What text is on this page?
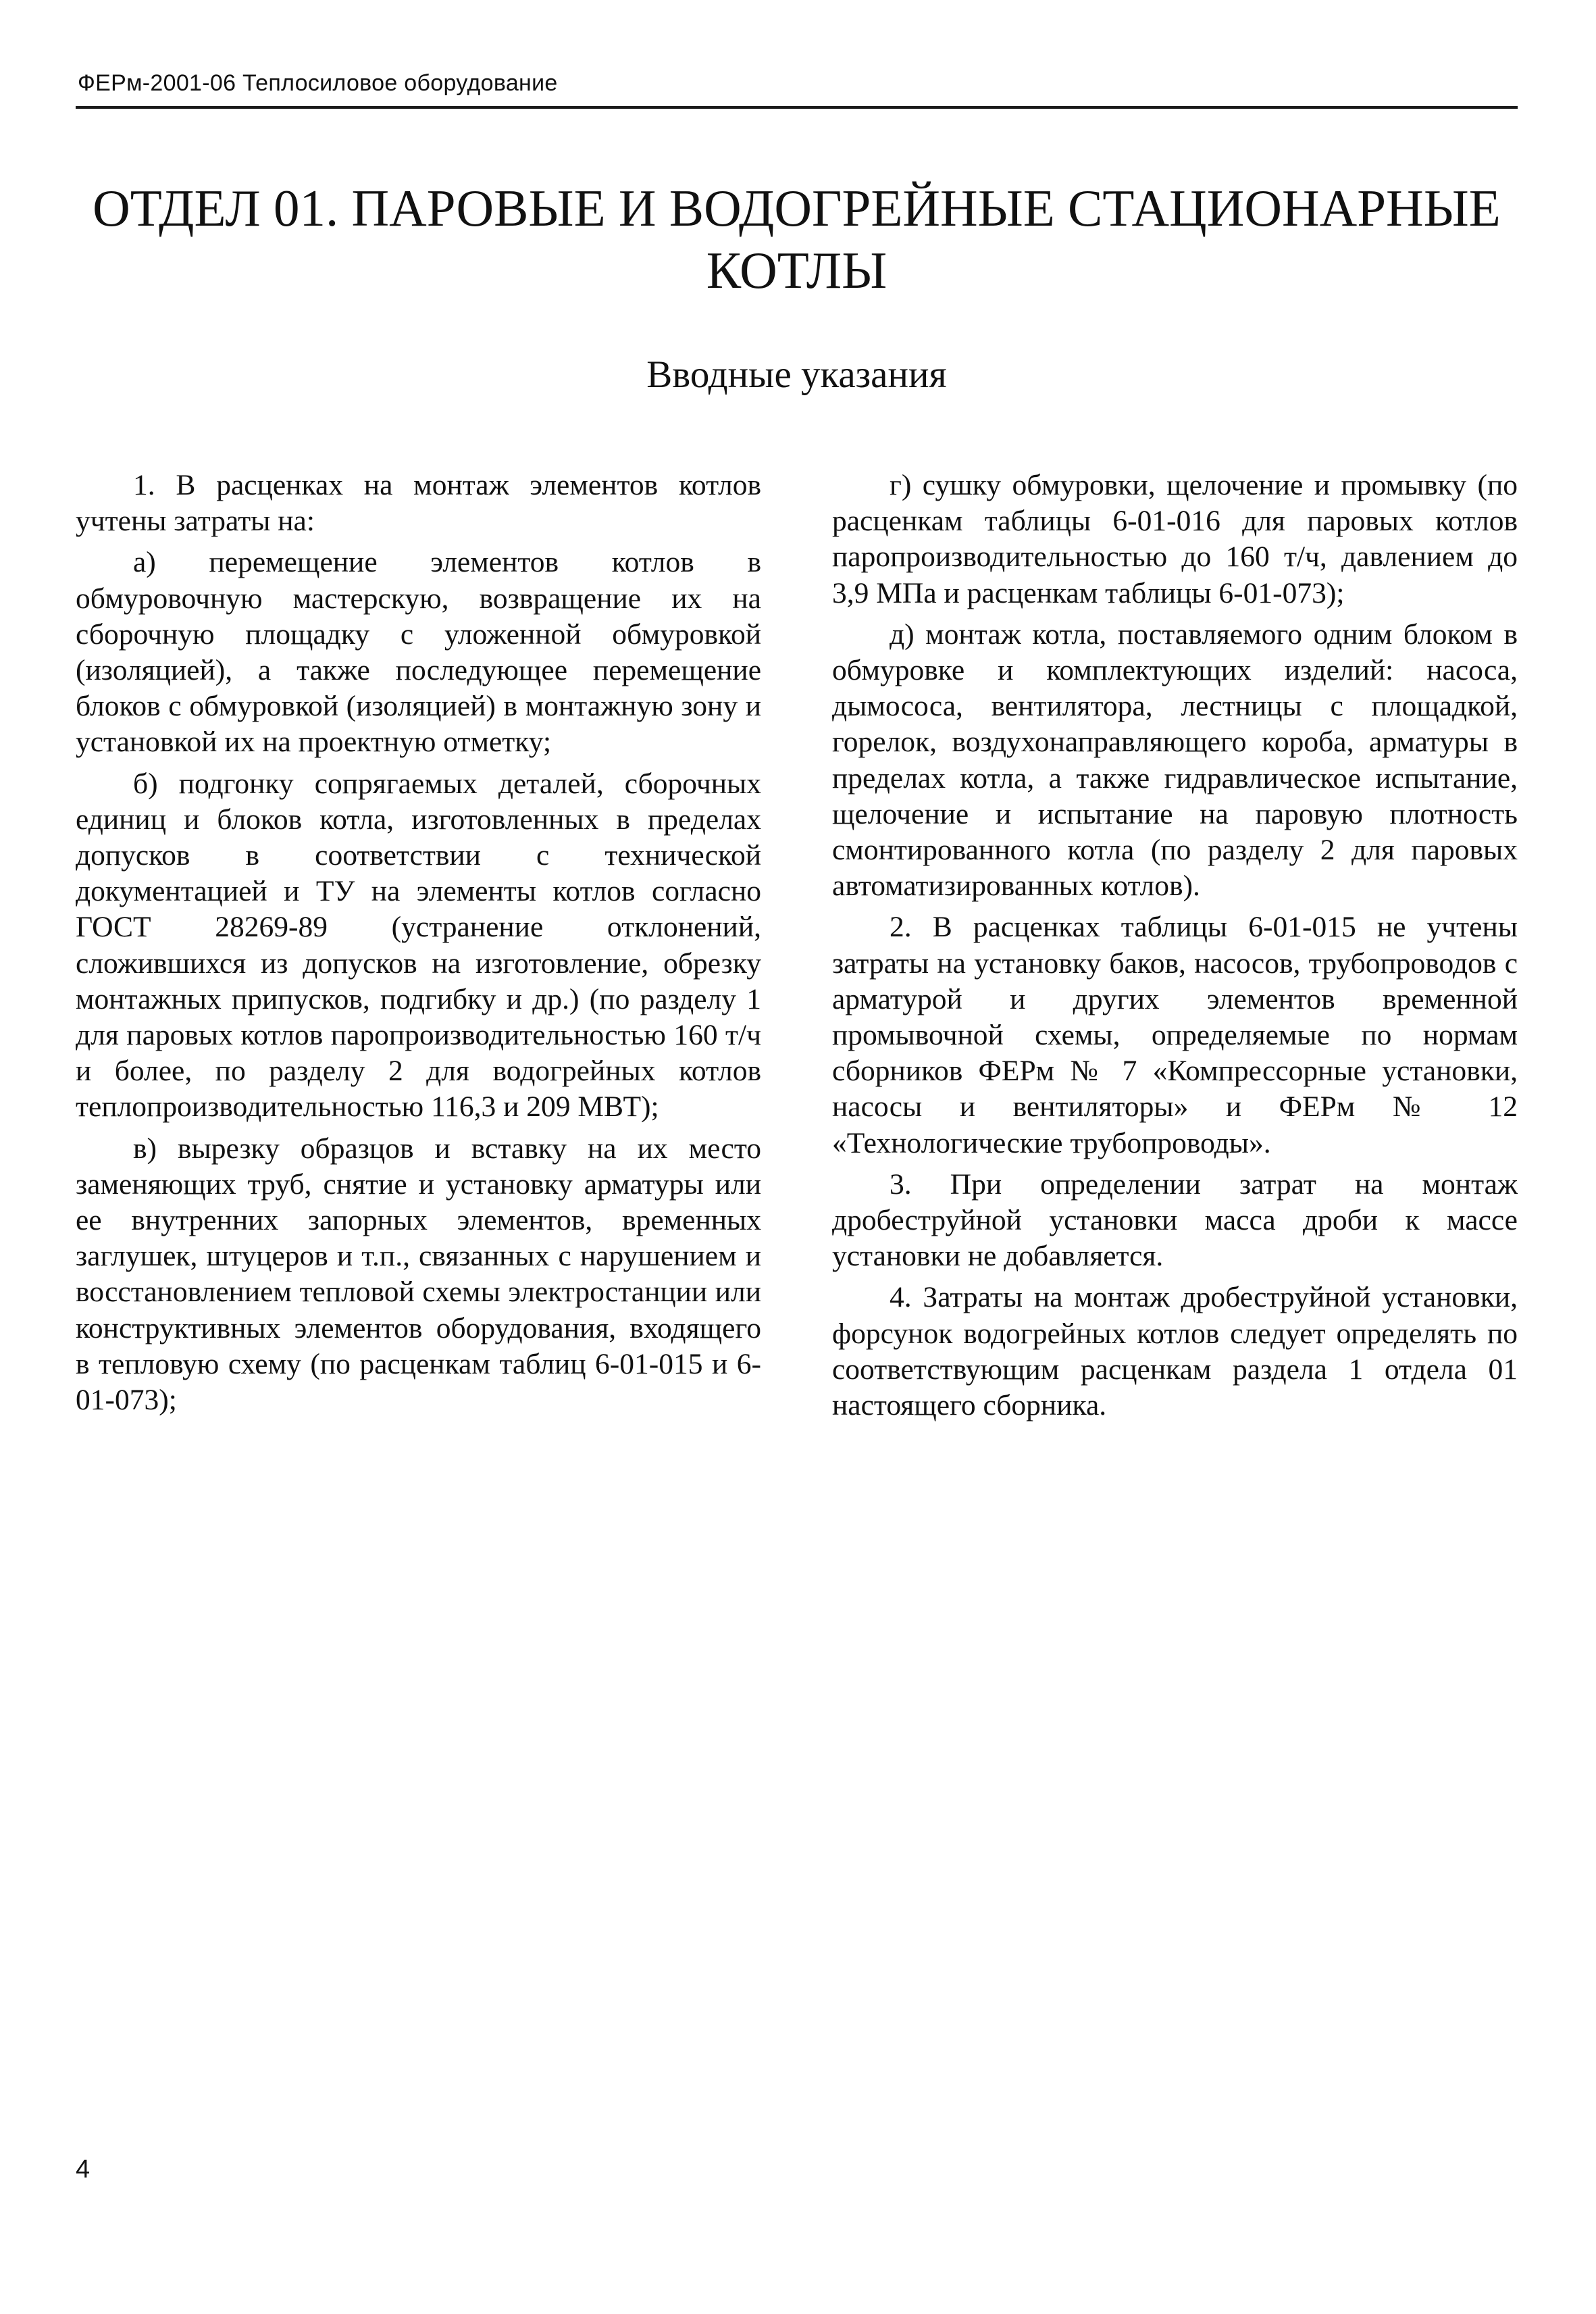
ФЕРм-2001-06 Теплосиловое оборудование
ОТДЕЛ 01. ПАРОВЫЕ И ВОДОГРЕЙНЫЕ СТАЦИОНАРНЫЕ
КОТЛЫ
Вводные указания

1. В расценках на монтаж элементов котлов учтены затраты на:

а) перемещение элементов котлов в обмуровочную мастерскую, возвращение их на сборочную площадку с уложенной обмуровкой (изоляцией), а также последующее перемещение блоков с обмуровкой (изоляцией) в монтажную зону и установкой их на проектную отметку;

б) подгонку сопрягаемых деталей, сборочных единиц и блоков котла, изготовленных в пределах допусков в соответствии с технической документацией и ТУ на элементы котлов согласно ГОСТ 28269-89 (устранение отклонений, сложившихся из допусков на изготовление, обрезку монтажных припусков, подгибку и др.) (по разделу 1 для паровых котлов паропроизводительностью 160 т/ч и более, по разделу 2 для водогрейных котлов теплопроизводительностью 116,3 и 209 МВТ);

в) вырезку образцов и вставку на их место заменяющих труб, снятие и установку арматуры или ее внутренних запорных элементов, временных заглушек, штуцеров и т.п., связанных с нарушением и восстановлением тепловой схемы электростанции или конструктивных элементов оборудования, входящего в тепловую схему (по расценкам таблиц 6-01-015 и 6-01-073);

г) сушку обмуровки, щелочение и промывку (по расценкам таблицы 6-01-016 для паровых котлов паропроизводительностью до 160 т/ч, давлением до 3,9 МПа и расценкам таблицы 6-01-073);

д) монтаж котла, поставляемого одним блоком в обмуровке и комплектующих изделий: насоса, дымососа, вентилятора, лестницы с площадкой, горелок, воздухонаправляющего короба, арматуры в пределах котла, а также гидравлическое испытание, щелочение и испытание на паровую плотность смонтированного котла (по разделу 2 для паровых автоматизированных котлов).

2. В расценках таблицы 6-01-015 не учтены затраты на установку баков, насосов, трубопроводов с арматурой и других элементов временной промывочной схемы, определяемые по нормам сборников ФЕРм № 7 «Компрессорные установки, насосы и вентиляторы» и ФЕРм № 12 «Технологические трубопроводы».

3. При определении затрат на монтаж дробеструйной установки масса дроби к массе установки не добавляется.

4. Затраты на монтаж дробеструйной установки, форсунок водогрейных котлов следует определять по соответствующим расценкам раздела 1 отдела 01 настоящего сборника.

4
